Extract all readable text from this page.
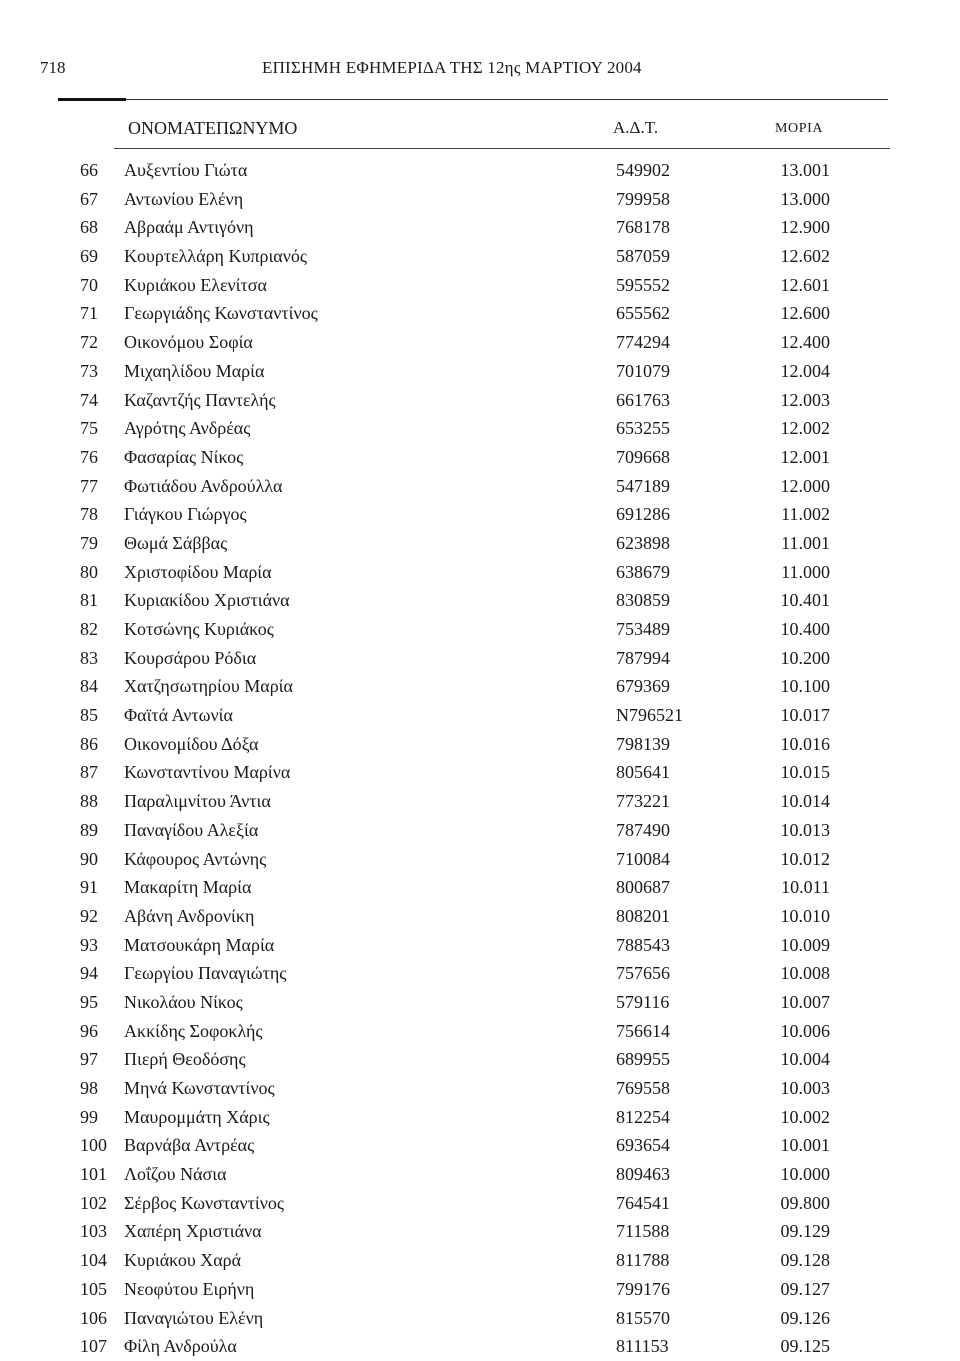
718	ΕΠΙΣΗΜΗ ΕΦΗΜΕΡΙΔΑ ΤΗΣ 12ης ΜΑΡΤΙΟΥ 2004
ΟΝΟΜΑΤΕΠΩΝΥΜΟ	Α.Δ.Τ.	ΜΟΡΙΑ
66 Αυξεντίου Γιώτα	549902	13.001
67 Αντωνίου Ελένη	799958	13.000
68 Αβραάμ Αντιγόνη	768178	12.900
69 Κουρτελλάρη Κυπριανός	587059	12.602
70 Κυριάκου Ελενίτσα	595552	12.601
71 Γεωργιάδης Κωνσταντίνος	655562	12.600
72 Οικονόμου Σοφία	774294	12.400
73 Μιχαηλίδου Μαρία	701079	12.004
74 Καζαντζής Παντελής	661763	12.003
75 Αγρότης Ανδρέας	653255	12.002
76 Φασαρίας Νίκος	709668	12.001
77 Φωτιάδου Ανδρούλλα	547189	12.000
78 Γιάγκου Γιώργος	691286	11.002
79 Θωμά Σάββας	623898	11.001
80 Χριστοφίδου Μαρία	638679	11.000
81 Κυριακίδου Χριστιάνα	830859	10.401
82 Κοτσώνης Κυριάκος	753489	10.400
83 Κουρσάρου Ρόδια	787994	10.200
84 Χατζησωτηρίου Μαρία	679369	10.100
85 Φαϊτά Αντωνία	Ν796521	10.017
86 Οικονομίδου Δόξα	798139	10.016
87 Κωνσταντίνου Μαρίνα	805641	10.015
88 Παραλιμνίτου Άντια	773221	10.014
89 Παναγίδου Αλεξία	787490	10.013
90 Κάφουρος Αντώνης	710084	10.012
91 Μακαρίτη Μαρία	800687	10.011
92 Αβάνη Ανδρονίκη	808201	10.010
93 Ματσουκάρη Μαρία	788543	10.009
94 Γεωργίου Παναγιώτης	757656	10.008
95 Νικολάου Νίκος	579116	10.007
96 Ακκίδης Σοφοκλής	756614	10.006
97 Πιερή Θεοδόσης	689955	10.004
98 Μηνά Κωνσταντίνος	769558	10.003
99 Μαυρομμάτη Χάρις	812254	10.002
100 Βαρνάβα Αντρέας	693654	10.001
101 Λοΐζου Νάσια	809463	10.000
102 Σέρβος Κωνσταντίνος	764541	09.800
103 Χαπέρη Χριστιάνα	711588	09.129
104 Κυριάκου Χαρά	811788	09.128
105 Νεοφύτου Ειρήνη	799176	09.127
106 Παναγιώτου Ελένη	815570	09.126
107 Φίλη Ανδρούλα	811153	09.125
